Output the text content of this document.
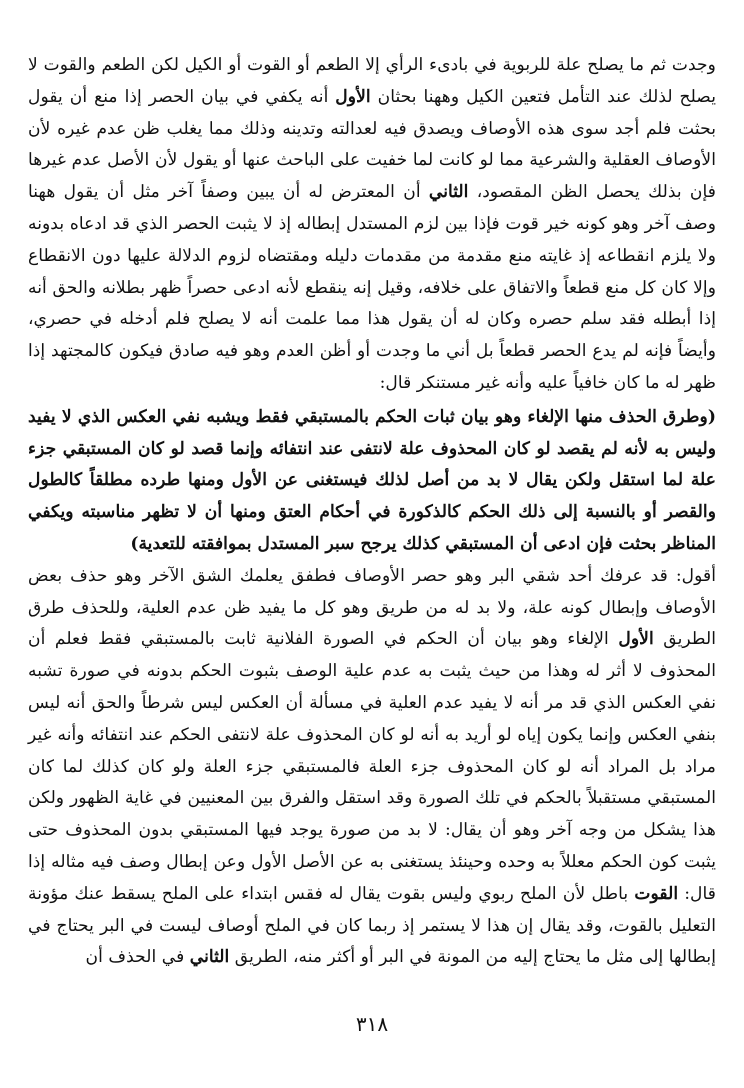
وجدت ثم ما يصلح علة للربوية في بادىء الرأي إلا الطعم أو القوت أو الكيل لكن الطعم والقوت لا يصلح لذلك عند التأمل فتعين الكيل وههنا بحثان الأول أنه يكفي في بيان الحصر إذا منع أن يقول بحثت فلم أجد سوى هذه الأوصاف ويصدق فيه لعدالته وتدينه وذلك مما يغلب ظن عدم غيره لأن الأوصاف العقلية والشرعية مما لو كانت لما خفيت على الباحث عنها أو يقول لأن الأصل عدم غيرها فإن بذلك يحصل الظن المقصود، الثاني أن المعترض له أن يبين وصفاً آخر مثل أن يقول ههنا وصف آخر وهو كونه خير قوت فإذا بين لزم المستدل إبطاله إذ لا يثبت الحصر الذي قد ادعاه بدونه ولا يلزم انقطاعه إذ غايته منع مقدمة من مقدمات دليله ومقتضاه لزوم الدلالة عليها دون الانقطاع وإلا كان كل منع قطعاً والاتفاق على خلافه، وقيل إنه ينقطع لأنه ادعى حصراً ظهر بطلانه والحق أنه إذا أبطله فقد سلم حصره وكان له أن يقول هذا مما علمت أنه لا يصلح فلم أدخله في حصري، وأيضاً فإنه لم يدع الحصر قطعاً بل أني ما وجدت أو أظن العدم وهو فيه صادق فيكون كالمجتهد إذا ظهر له ما كان خافياً عليه وأنه غير مستنكر قال:

(وطرق الحذف منها الإلغاء وهو بيان ثبات الحكم بالمستبقي فقط ويشبه نفي العكس الذي لا يفيد وليس به لأنه لم يقصد لو كان المحذوف علة لانتفى عند انتفائه وإنما قصد لو كان المستبقي جزء علة لما استقل ولكن يقال لا بد من أصل لذلك فيستغنى عن الأول ومنها طرده مطلقاً كالطول والقصر أو بالنسبة إلى ذلك الحكم كالذكورة في أحكام العتق ومنها أن لا تظهر مناسبته ويكفي المناظر بحثت فإن ادعى أن المستبقي كذلك يرجح سبر المستدل بموافقته للتعدية)

أقول: قد عرفك أحد شقي البر وهو حصر الأوصاف فطفق يعلمك الشق الآخر وهو حذف بعض الأوصاف وإبطال كونه علة، ولا بد له من طريق وهو كل ما يفيد ظن عدم العلية، وللحذف طرق الطريق الأول الإلغاء وهو بيان أن الحكم في الصورة الفلانية ثابت بالمستبقي فقط فعلم أن المحذوف لا أثر له وهذا من حيث يثبت به عدم علية الوصف بثبوت الحكم بدونه في صورة تشبه نفي العكس الذي قد مر أنه لا يفيد عدم العلية في مسألة أن العكس ليس شرطاً والحق أنه ليس بنفي العكس وإنما يكون إياه لو أريد به أنه لو كان المحذوف علة لانتفى الحكم عند انتفائه وأنه غير مراد بل المراد أنه لو كان المحذوف جزء العلة فالمستبقي جزء العلة ولو كان كذلك لما كان المستبقي مستقبلاً بالحكم في تلك الصورة وقد استقل والفرق بين المعنيين في غاية الظهور ولكن هذا يشكل من وجه آخر وهو أن يقال: لا بد من صورة يوجد فيها المستبقي بدون المحذوف حتى يثبت كون الحكم معللاً به وحده وحينئذ يستغنى به عن الأصل الأول وعن إبطال وصف فيه مثاله إذا قال: القوت باطل لأن الملح ربوي وليس بقوت يقال له فقس ابتداء على الملح يسقط عنك مؤونة التعليل بالقوت، وقد يقال إن هذا لا يستمر إذ ربما كان في الملح أوصاف ليست في البر يحتاج في إبطالها إلى مثل ما يحتاج إليه من المونة في البر أو أكثر منه، الطريق الثاني في الحذف أن

٣١٨
